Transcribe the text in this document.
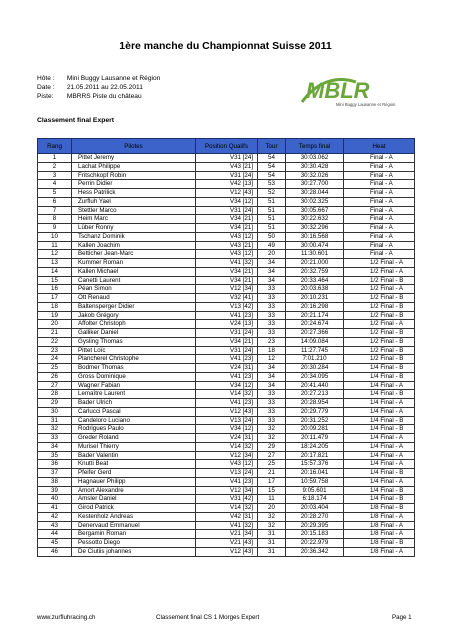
1ère manche du Championnat Suisse 2011
Hôte : Mini Buggy Lausanne et Région
Date : 21.05.2011 au 22.05.2011
Piste: MBRRS Piste du château	MBLR
Mini Buggy Lausanne et Région
Classement final Expert
Rang	Pilotes	Position Qualifs	Tour	Temps final	Heat
1	Pittet Jeremy	V31 [24]	54	30:03.062	Final - A
2	Lachat Philippe	V43 [21]	54	30:30.428	Final - A
3	Fritschkopf Robin	V31 [24]	54	30:32.026	Final - A
4	Perrin Didier	V42 [13]	53	30:27.700	Final - A
5	Hess Patrilick	V12 [43]	52	30:28.044	Final - A
6	Zurfluh Yael	V34 [12]	51	30:02.325	Final - A
7	Stettler Marco	V31 [24]	51	30:05.667	Final - A
8	Heim Marc	V34 [21]	51	30:22.632	Final - A
9	Lüber Ronny	V34 [21]	51	30:32.296	Final - A
10	Tschanz Dominik	V43 [12]	50	30:16.568	Final - A
11	Kallen Joachim	V43 [21]	49	30:00.474	Final - A
12	Betticher Jean-Marc	V43 [12]	20	11:30.601	Final - A
13	Kummer Roman	V41 [32]	34	20:21.000	1/2 Final - A
14	Kallen Michael	V34 [21]	34	20:32.759	1/2 Final - A
15	Canetti Laurent	V34 [21]	34	20:33.464	1/2 Final - B
16	Péan Simon	V12 [34]	33	20:03.638	1/2 Final - A
17	Ott Renaud	V32 [41]	33	20:10.231	1/2 Final - B
18	Baltensperger Didier	V13 [42]	33	20:16.298	1/2 Final - B
19	Jakob Grégory	V41 [23]	33	20:21.174	1/2 Final - B
20	Affolter Christoph	V24 [13]	33	20:24.674	1/2 Final - A
21	Galliker Daniel	V31 [24]	33	20:27.366	1/2 Final - B
22	Gysling Thomas	V34 [21]	23	14:09.084	1/2 Final - B
23	Pittet Loïc	V31 [24]	18	11:27.745	1/2 Final - B
24	Plancherel Christophe	V41 [23]	12	7:01.210	1/2 Final - B
25	Bodmer Thomas	V24 [31]	34	20:30.284	1/4 Final - B
26	Gross Dominique	V41 [23]	34	20:34.095	1/4 Final - B
27	Wagner Fabian	V34 [12]	34	20:41.440	1/4 Final - A
28	Lemaître Laurent	V14 [32]	33	20:27.213	1/4 Final - B
29	Bader Ulrich	V41 [23]	33	20:28.954	1/4 Final - A
30	Carlucci Pascal	V12 [43]	33	20:29.779	1/4 Final - A
31	Candeloro Luciano	V13 [24]	33	20:31.252	1/4 Final - B
32	Rodrigues Paulo	V34 [12]	32	20:09.281	1/4 Final - B
33	Greder Roland	V24 [31]	32	20:11.479	1/4 Final - A
34	Murisel Thierry	V14 [32]	29	18:24.205	1/4 Final - A
35	Bader Valentin	V12 [34]	27	20:17.821	1/4 Final - A
36	Knutti Beat	V43 [12]	25	15:57.376	1/4 Final - A
37	Pfeifer Gerd	V13 [24]	21	20:16.041	1/4 Final - B
38	Hagnauer Philipp	V41 [23]	17	10:59.758	1/4 Final - A
39	Amort Alexandre	V12 [34]	15	9:05.601	1/4 Final - B
40	Amsler Daniel	V31 [42]	11	6:18.174	1/4 Final - B
41	Girod Patrick	V14 [32]	20	20:03.404	1/8 Final - B
42	Kestenholz Andreas	V42 [31]	32	20:28.270	1/8 Final - A
43	Denervaud Emmanuel	V41 [32]	32	20:29.395	1/8 Final - A
44	Bergamin Roman	V21 [34]	31	20:15.183	1/8 Final - A
45	Pessotto Diego	V21 [43]	31	20:22.979	1/8 Final - B
46	De Ciutiis johannes	V12 [43]	31	20:36.342	1/8 Final - A
www.zurfluhracing.ch	Classement final CS 1 Morges Expert	Page 1
